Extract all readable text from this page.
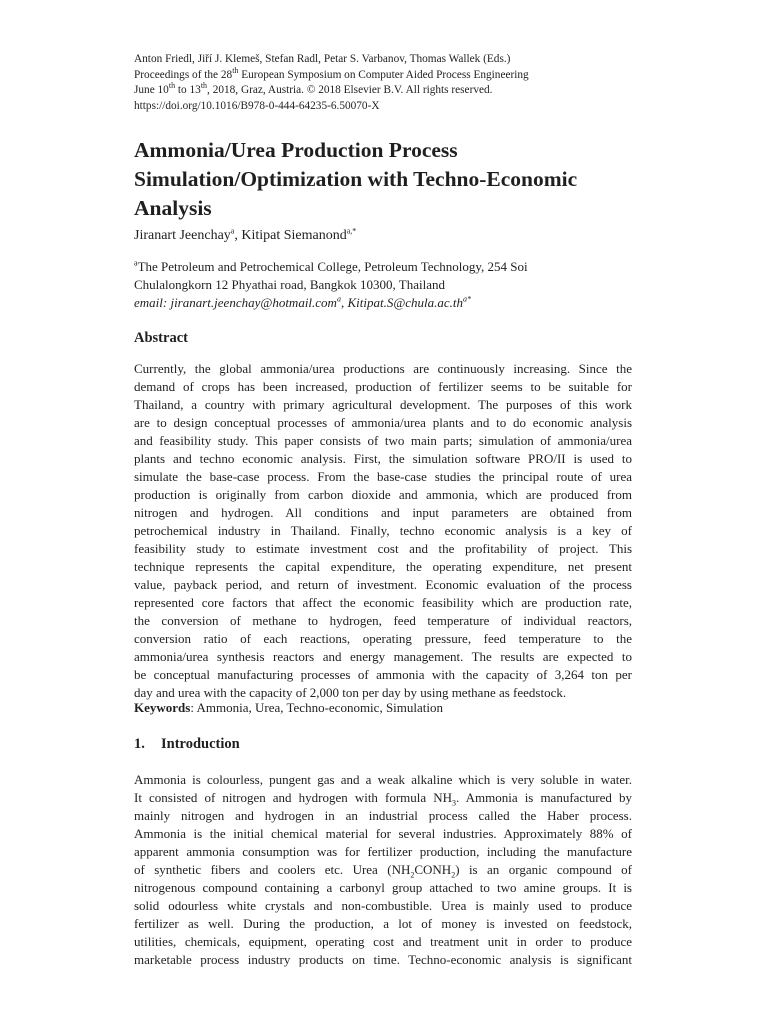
Anton Friedl, Jiří J. Klemeš, Stefan Radl, Petar S. Varbanov, Thomas Wallek (Eds.)
Proceedings of the 28th European Symposium on Computer Aided Process Engineering
June 10th to 13th, 2018, Graz, Austria. © 2018 Elsevier B.V. All rights reserved.
https://doi.org/10.1016/B978-0-444-64235-6.50070-X
Ammonia/Urea Production Process
Simulation/Optimization with Techno-Economic
Analysis
Jiranart Jeenchay$^a$, Kitipat Siemanond$^{a,*}$
$^a$The Petroleum and Petrochemical College, Petroleum Technology, 254 Soi
Chulalongkorn 12 Phyathai road, Bangkok 10300, Thailand
email: jiranart.jeenchay@hotmail.com$^a$, $Kitipat.S@chula.ac.th^{a*}$
Abstract
Currently, the global ammonia/urea productions are continuously increasing. Since the
demand of crops has been increased, production of fertilizer seems to be suitable for
Thailand, a country with primary agricultural development. The purposes of this work
are to design conceptual processes of ammonia/urea plants and to do economic analysis
and feasibility study. This paper consists of two main parts; simulation of ammonia/urea
plants and techno economic analysis. First, the simulation software PRO/II is used to
simulate the base-case process. From the base-case studies the principal route of urea
production is originally from carbon dioxide and ammonia, which are produced from
nitrogen and hydrogen. All conditions and input parameters are obtained from
petrochemical industry in Thailand. Finally, techno economic analysis is a key of
feasibility study to estimate investment cost and the profitability of project. This
technique represents the capital expenditure, the operating expenditure, net present
value, payback period, and return of investment. Economic evaluation of the process
represented core factors that affect the economic feasibility which are production rate,
the conversion of methane to hydrogen, feed temperature of individual reactors,
conversion ratio of each reactions, operating pressure, feed temperature to the
ammonia/urea synthesis reactors and energy management. The results are expected to
be conceptual manufacturing processes of ammonia with the capacity of 3,264 ton per
day and urea with the capacity of 2,000 ton per day by using methane as feedstock.
Keywords: Ammonia, Urea, Techno-economic, Simulation
1. Introduction
Ammonia is colourless, pungent gas and a weak alkaline which is very soluble in water.
It consisted of nitrogen and hydrogen with formula $NH_3$. Ammonia is manufactured by
mainly nitrogen and hydrogen in an industrial process called the Haber process.
Ammonia is the initial chemical material for several industries. Approximately 88% of
apparent ammonia consumption was for fertilizer production, including the manufacture
of synthetic fibers and coolers etc. Urea $(NH_2CONH_2)$ is an organic compound of
nitrogenous compound containing a carbonyl group attached to two amine groups. It is
solid odourless white crystals and non-combustible. Urea is mainly used to produce
fertilizer as well. During the production, a lot of money is invested on feedstock,
utilities, chemicals, equipment, operating cost and treatment unit in order to produce
marketable process industry products on time. Techno-economic analysis is significant
